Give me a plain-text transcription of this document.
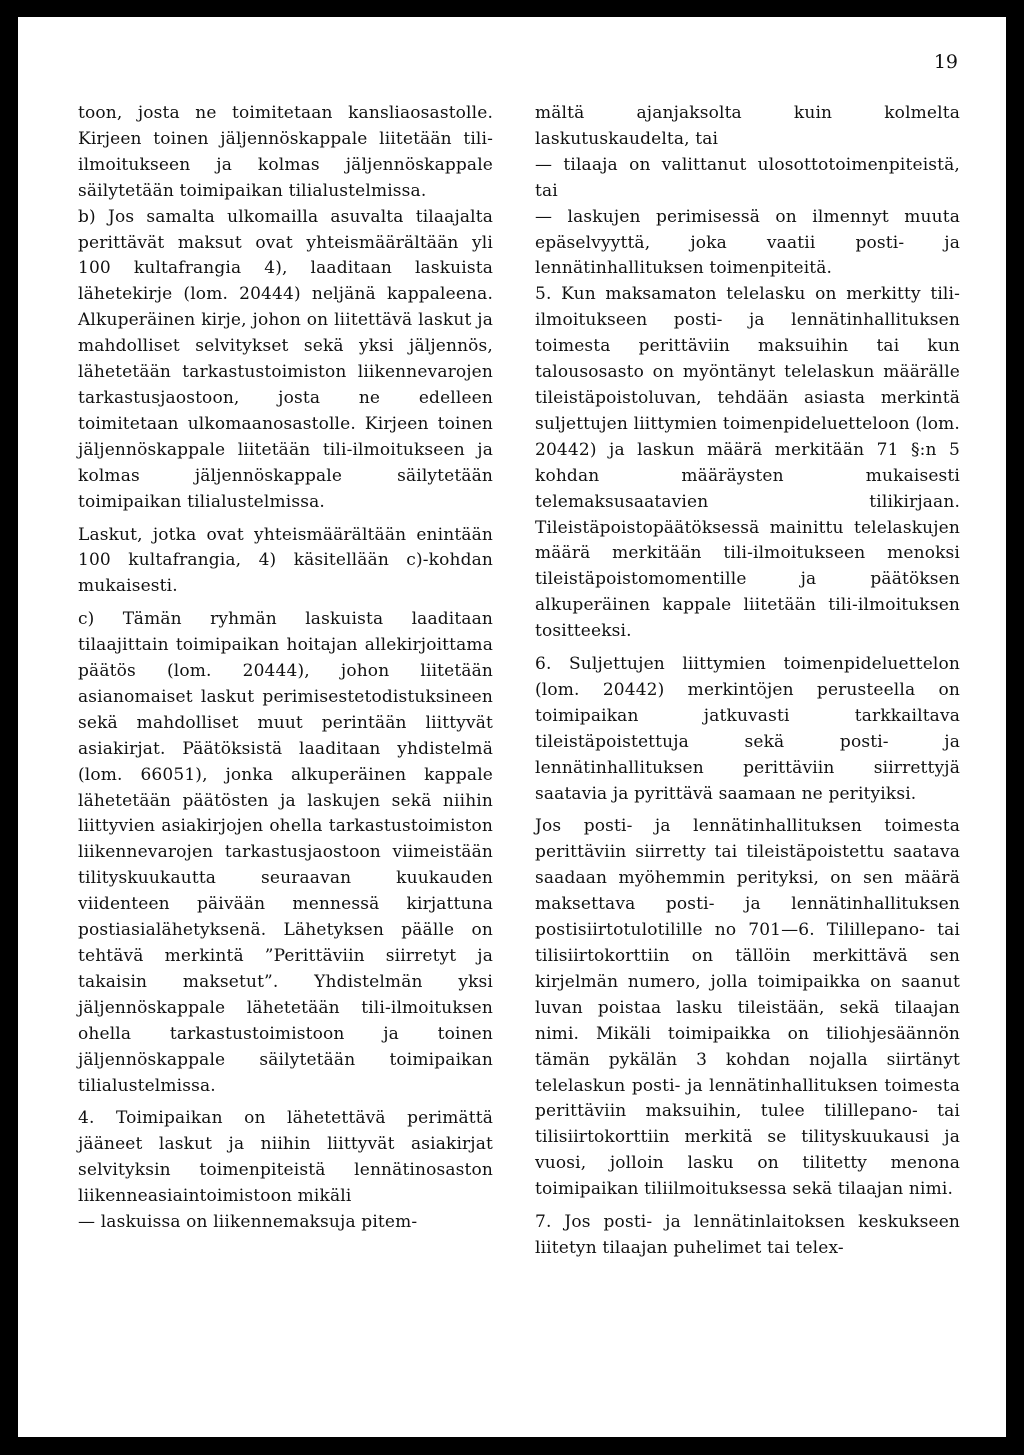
19

toon, josta ne toimitetaan kansliaosastolle. Kirjeen toinen jäljennöskappale liitetään tili-ilmoitukseen ja kolmas jäljennöskappale säilytetään toimipaikan tilialustelmissa.

b) Jos samalta ulkomailla asuvalta tilaajalta perittävät maksut ovat yhteismäärältään yli 100 kultafrangia 4), laaditaan laskuista lähetekirje (lom. 20444) neljänä kappaleena. Alkuperäinen kirje, johon on liitettävä laskut ja mahdolliset selvitykset sekä yksi jäljennös, lähetetään tarkastustoimiston liikennevarojen tarkastusjaostoon, josta ne edelleen toimitetaan ulkomaanosastolle. Kirjeen toinen jäljennöskappale liitetään tili-ilmoitukseen ja kolmas jäljennöskappale säilytetään toimipaikan tilialustelmissa.

Laskut, jotka ovat yhteismäärältään enintään 100 kultafrangia, 4) käsitellään c)-kohdan mukaisesti.

c) Tämän ryhmän laskuista laaditaan tilaajittain toimipaikan hoitajan allekirjoittama päätös (lom. 20444), johon liitetään asianomaiset laskut perimisestetodistuksineen sekä mahdolliset muut perintään liittyvät asiakirjat. Päätöksistä laaditaan yhdistelmä (lom. 66051), jonka alkuperäinen kappale lähetetään päätösten ja laskujen sekä niihin liittyvien asiakirjojen ohella tarkastustoimiston liikennevarojen tarkastusjaostoon viimeistään tilityskuukautta seuraavan kuukauden viidenteen päivään mennessä kirjattuna postiasialähetyksenä. Lähetyksen päälle on tehtävä merkintä ”Perittäviin siirretyt ja takaisin maksetut”. Yhdistelmän yksi jäljennöskappale lähetetään tili-ilmoituksen ohella tarkastustoimistoon ja toinen jäljennöskappale säilytetään toimipaikan tilialustelmissa.

4. Toimipaikan on lähetettävä perimättä jääneet laskut ja niihin liittyvät asiakirjat selvityksin toimenpiteistä lennätinosaston liikenneasiaintoimistoon mikäli

— laskuissa on liikennemaksuja pitem-

mältä ajanjaksolta kuin kolmelta laskutuskaudelta, tai

— tilaaja on valittanut ulosottotoimenpiteistä, tai

— laskujen perimisessä on ilmennyt muuta epäselvyyttä, joka vaatii posti- ja lennätinhallituksen toimenpiteitä.

5. Kun maksamaton telelasku on merkitty tili-ilmoitukseen posti- ja lennätinhallituksen toimesta perittäviin maksuihin tai kun talousosasto on myöntänyt telelaskun määrälle tileistäpoistoluvan, tehdään asiasta merkintä suljettujen liittymien toimenpideluetteloon (lom. 20442) ja laskun määrä merkitään 71 §:n 5 kohdan määräysten mukaisesti telemaksusaatavien tilikirjaan. Tileistäpoistopäätöksessä mainittu telelaskujen määrä merkitään tili-ilmoitukseen menoksi tileistäpoistomomentille ja päätöksen alkuperäinen kappale liitetään tili-ilmoituksen tositteeksi.

6. Suljettujen liittymien toimenpideluettelon (lom. 20442) merkintöjen perusteella on toimipaikan jatkuvasti tarkkailtava tileistäpoistettuja sekä posti- ja lennätinhallituksen perittäviin siirrettyjä saatavia ja pyrittävä saamaan ne perityiksi.

Jos posti- ja lennätinhallituksen toimesta perittäviin siirretty tai tileistäpoistettu saatava saadaan myöhemmin perityksi, on sen määrä maksettava posti- ja lennätinhallituksen postisiirtotulotilille no 701—6. Tilillepano- tai tilisiirtokorttiin on tällöin merkittävä sen kirjelmän numero, jolla toimipaikka on saanut luvan poistaa lasku tileistään, sekä tilaajan nimi. Mikäli toimipaikka on tiliohjesäännön tämän pykälän 3 kohdan nojalla siirtänyt telelaskun posti- ja lennätinhallituksen toimesta perittäviin maksuihin, tulee tilillepano- tai tilisiirtokorttiin merkitä se tilityskuukausi ja vuosi, jolloin lasku on tilitetty menona toimipaikan tiliilmoituksessa sekä tilaajan nimi.

7. Jos posti- ja lennätinlaitoksen keskukseen liitetyn tilaajan puhelimet tai telex-
